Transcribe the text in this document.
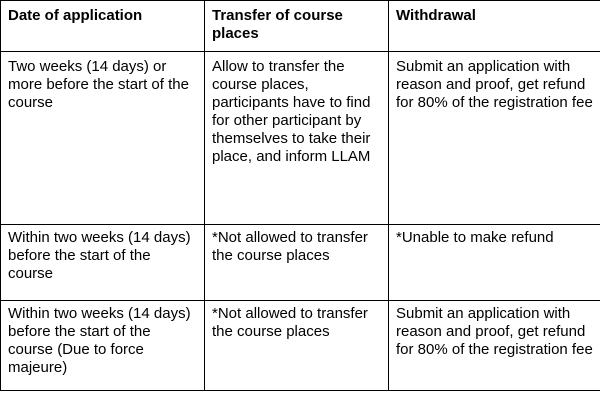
Date of application	Transfer of course places	Withdrawal
Two weeks (14 days) or more before the start of the course	Allow to transfer the course places, participants have to find for other participant by themselves to take their place, and inform LLAM	Submit an application with reason and proof, get refund for 80% of the registration fee
Within two weeks (14 days) before the start of the course	*Not allowed to transfer the course places	*Unable to make refund
Within two weeks (14 days) before the start of the course (Due to force majeure)	*Not allowed to transfer the course places	Submit an application with reason and proof, get refund for 80% of the registration fee
